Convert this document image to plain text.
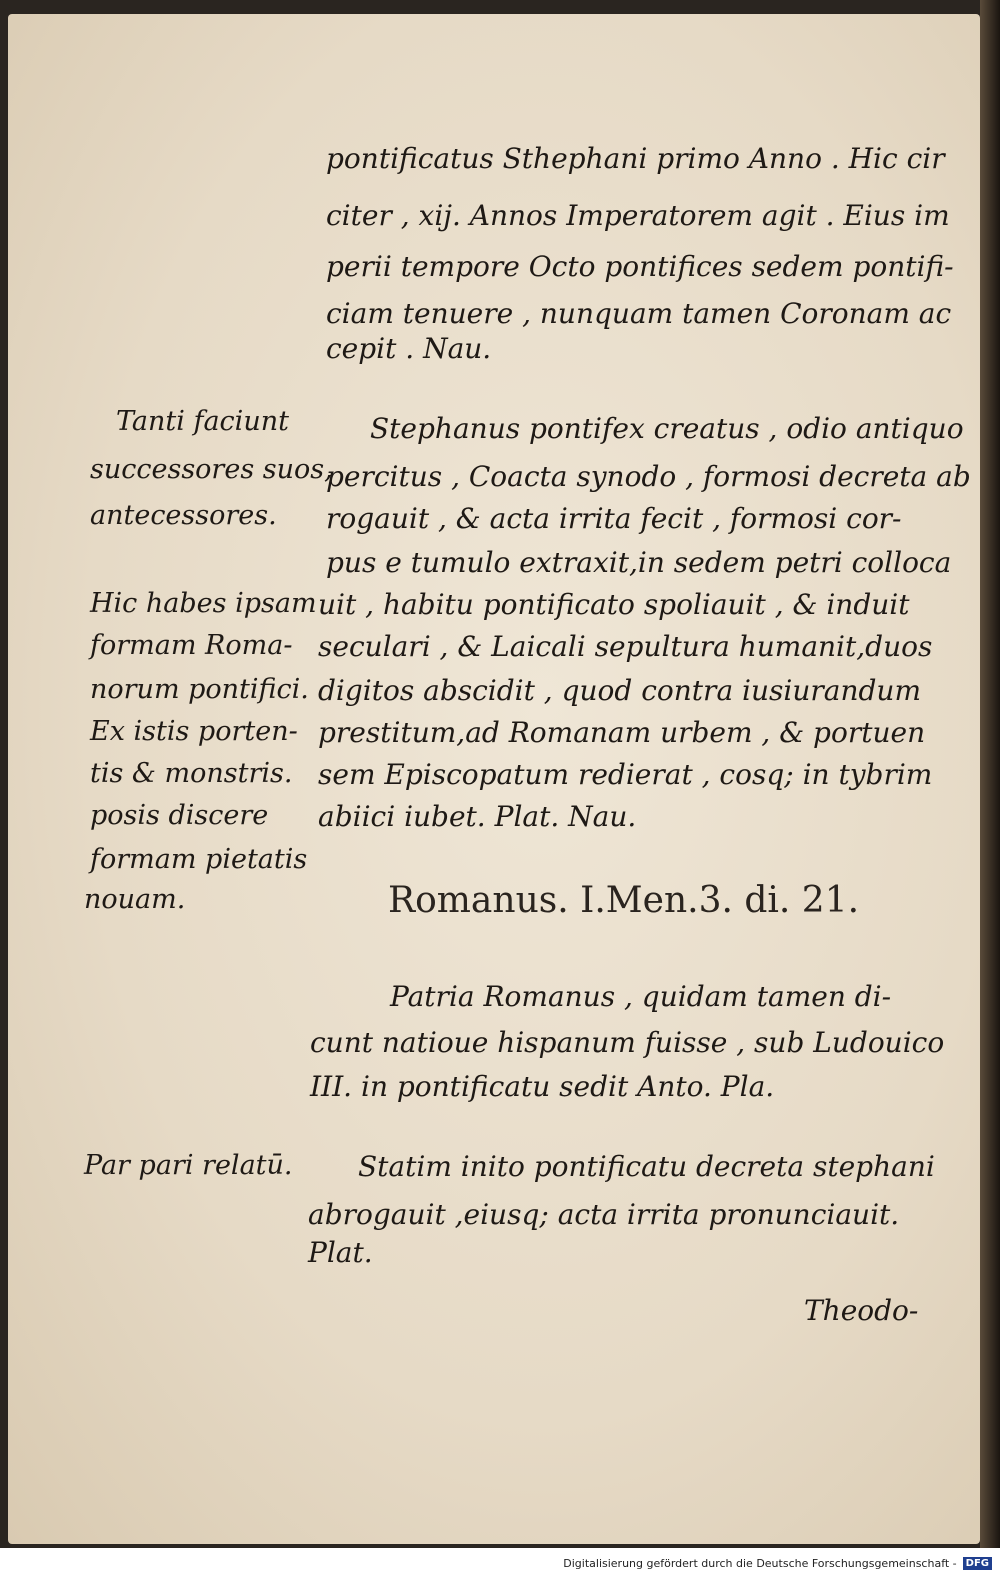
pontificatus Sthephani primo Anno . Hic cir
citer , xij. Annos Imperatorem agit . Eius im
perii tempore Octo pontifices sedem pontifi-
ciam tenuere , nunquam tamen Coronam ac
cepit . Nau.
Tanti faciunt
successores suos,
antecessores.
Stephanus pontifex creatus , odio antiquo
percitus , Coacta synodo , formosi decreta ab
rogauit , & acta irrita fecit , formosi cor-
pus e tumulo extraxit,in sedem petri colloca
Hic habes ipsam
formam Roma-
norum pontifici.
Ex istis porten-
tis & monstris.
posis discere
formam pietatis
nouam.
uit , habitu pontificato spoliauit , & induit
seculari , & Laicali sepultura humanit,duos
digitos abscidit , quod contra iusiurandum
prestitum,ad Romanam urbem , & portuen
sem Episcopatum redierat , cosq; in tybrim
abiici iubet. Plat. Nau.
Romanus. I.Men.3. di. 21.
Patria Romanus , quidam tamen di-
cunt natioue hispanum fuisse , sub Ludouico
III. in pontificatu sedit Anto. Pla.
Par pari relatū. Statim inito pontificatu decreta stephani
abrogauit ,eiusq; acta irrita pronunciauit.
Plat.
Theodo-
Digitalisierung gefördert durch die Deutsche Forschungsgemeinschaft - DFG
